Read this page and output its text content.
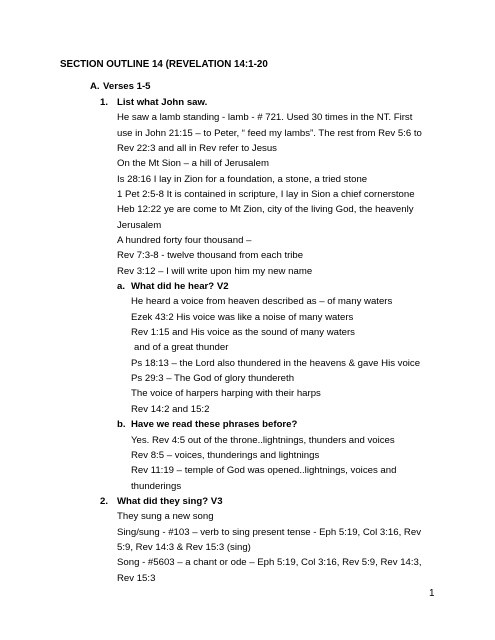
SECTION OUTLINE 14 (REVELATION 14:1-20
A. Verses 1-5
1. List what John saw.
He saw a lamb standing - lamb - # 721. Used 30 times in the NT. First
use in John 21:15 – to Peter, “ feed my lambs”. The rest from Rev 5:6 to
Rev 22:3 and all in Rev refer to Jesus
On the Mt Sion – a hill of Jerusalem
Is 28:16 I lay in Zion for a foundation, a stone, a tried stone
1 Pet 2:5-8 It is contained in scripture, I lay in Sion a chief cornerstone
Heb 12:22 ye are come to Mt Zion, city of the living God, the heavenly
Jerusalem
A hundred forty four thousand –
Rev 7:3-8 - twelve thousand from each tribe
Rev 3:12 – I will write upon him my new name
a. What did he hear? V2
He heard a voice from heaven described as – of many waters
Ezek 43:2 His voice was like a noise of many waters
Rev 1:15 and His voice as the sound of many waters
and of a great thunder
Ps 18:13 – the Lord also thundered in the heavens & gave His voice
Ps 29:3 – The God of glory thundereth
The voice of harpers harping with their harps
Rev 14:2 and 15:2
b. Have we read these phrases before?
Yes. Rev 4:5 out of the throne..lightnings, thunders and voices
Rev 8:5 – voices, thunderings and lightnings
Rev 11:19 – temple of God was opened..lightnings, voices and
thunderings
2. What did they sing? V3
They sung a new song
Sing/sung - #103 – verb to sing present tense - Eph 5:19, Col 3:16, Rev
5:9, Rev 14:3 & Rev 15:3 (sing)
Song - #5603 – a chant or ode – Eph 5:19, Col 3:16, Rev 5:9, Rev 14:3,
Rev 15:3
1
